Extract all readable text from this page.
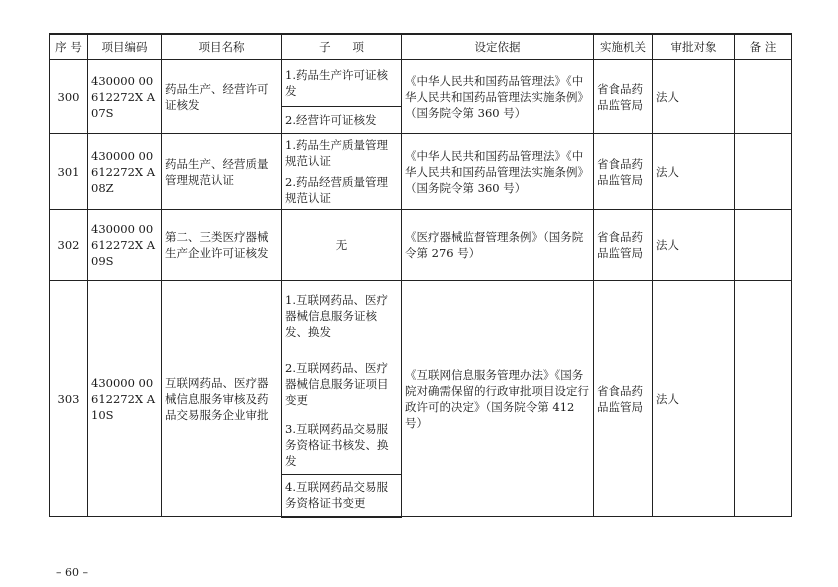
序 号	项目编码	项目名称	子 项	设定依据	实施机关	审批对象	备 注
300	430000 00612272X A07S	药品生产、经营许可证核发	1.药品生产许可证核发	《中华人民共和国药品管理法》《中华人民共和国药品管理法实施条例》（国务院令第 360 号）	省食品药品监管局	法人	
			2.经营许可证核发				
301	430000 00612272X A08Z	药品生产、经营质量管理规范认证	1.药品生产质量管理规范认证	《中华人民共和国药品管理法》《中华人民共和国药品管理法实施条例》（国务院令第 360 号）	省食品药品监管局	法人	
			2.药品经营质量管理规范认证				
302	430000 00612272X A09S	第二、三类医疗器械生产企业许可证核发	无	《医疗器械监督管理条例》（国务院令第 276 号）	省食品药品监管局	法人	
303	430000 00612272X A10S	互联网药品、医疗器械信息服务审核及药品交易服务企业审批	1.互联网药品、医疗器械信息服务证核发、换发	《互联网信息服务管理办法》《国务院对确需保留的行政审批项目设定行政许可的决定》（国务院令第 412 号）	省食品药品监管局	法人	
			2.互联网药品、医疗器械信息服务证项目变更				
			3.互联网药品交易服务资格证书核发、换发				
			4.互联网药品交易服务资格证书变更				
– 60 –
